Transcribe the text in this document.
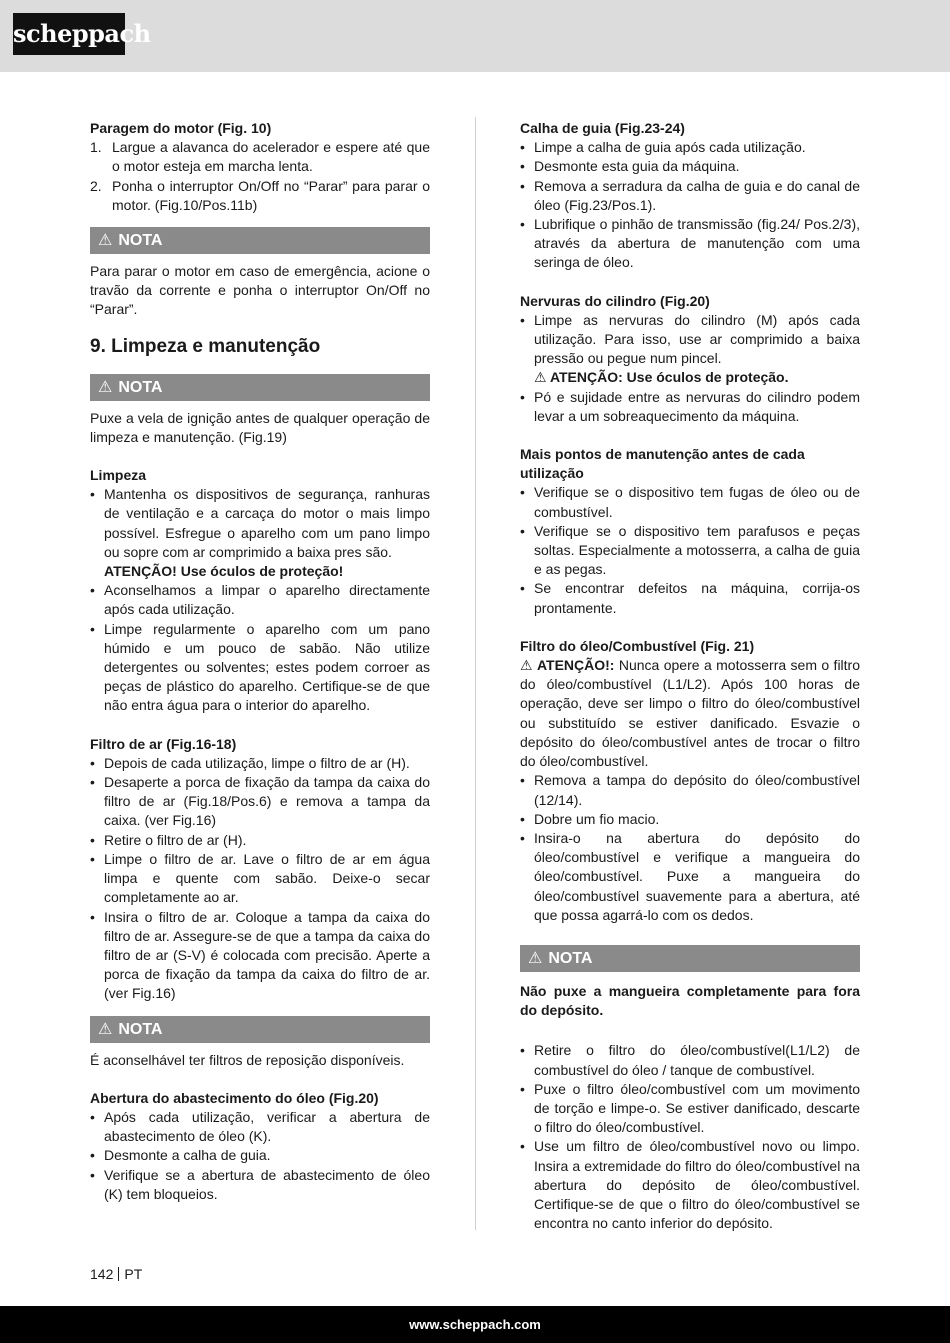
scheppach
Paragem do motor (Fig. 10)
1. Largue a alavanca do acelerador e espere até que o motor esteja em marcha lenta.
2. Ponha o interruptor On/Off no “Parar” para parar o motor. (Fig.10/Pos.11b)
⚠ NOTA

Para parar o motor em caso de emergência, acione o travão da corrente e ponha o interruptor On/Off no “Parar”.

9. Limpeza e manutenção
⚠ NOTA

Puxe a vela de ignição antes de qualquer operação de limpeza e manutenção. (Fig.19)

Limpeza
• Mantenha os dispositivos de segurança, ranhuras de ventilação e a carcaça do motor o mais limpo possível. Esfregue o aparelho com um pano limpo ou sopre com ar comprimido a baixa pres são.
ATENÇÃO! Use óculos de proteção!
• Aconselhamos a limpar o aparelho directamente após cada utilização.
• Limpe regularmente o aparelho com um pano húmido e um pouco de sabão. Não utilize detergentes ou solventes; estes podem corroer as peças de plástico do aparelho. Certifique-se de que não entra água para o interior do aparelho.
Filtro de ar (Fig.16-18)
• Depois de cada utilização, limpe o filtro de ar (H).
• Desaperte a porca de fixação da tampa da caixa do filtro de ar (Fig.18/Pos.6) e remova a tampa da caixa. (ver Fig.16)
• Retire o filtro de ar (H).
• Limpe o filtro de ar. Lave o filtro de ar em água limpa e quente com sabão. Deixe-o secar completamente ao ar.
• Insira o filtro de ar. Coloque a tampa da caixa do filtro de ar. Assegure-se de que a tampa da caixa do filtro de ar (S-V) é colocada com precisão. Aperte a porca de fixação da tampa da caixa do filtro de ar. (ver Fig.16)
⚠ NOTA

É aconselhável ter filtros de reposição disponíveis.

Abertura do abastecimento do óleo (Fig.20)
• Após cada utilização, verificar a abertura de abastecimento de óleo (K).
• Desmonte a calha de guia.
• Verifique se a abertura de abastecimento de óleo (K) tem bloqueios.
Calha de guia (Fig.23-24)
• Limpe a calha de guia após cada utilização.
• Desmonte esta guia da máquina.
• Remova a serradura da calha de guia e do canal de óleo (Fig.23/Pos.1).
• Lubrifique o pinhão de transmissão (fig.24/ Pos.2/3), através da abertura de manutenção com uma seringa de óleo.
Nervuras do cilindro (Fig.20)
• Limpe as nervuras do cilindro (M) após cada utilização. Para isso, use ar comprimido a baixa pressão ou pegue num pincel.
⚠ ATENÇÃO: Use óculos de proteção.
• Pó e sujidade entre as nervuras do cilindro podem levar a um sobreaquecimento da máquina.
Mais pontos de manutenção antes de cada utilização
• Verifique se o dispositivo tem fugas de óleo ou de combustível.
• Verifique se o dispositivo tem parafusos e peças soltas. Especialmente a motosserra, a calha de guia e as pegas.
• Se encontrar defeitos na máquina, corrija-os prontamente.
Filtro do óleo/Combustível (Fig. 21)

⚠ ATENÇÃO!: Nunca opere a motosserra sem o filtro do óleo/combustível (L1/L2). Após 100 horas de operação, deve ser limpo o filtro do óleo/combustível ou substituído se estiver danificado. Esvazie o depósito do óleo/combustível antes de trocar o filtro do óleo/combustível.

• Remova a tampa do depósito do óleo/combustível (12/14).
• Dobre um fio macio.
• Insira-o na abertura do depósito do óleo/combustível e verifique a mangueira do óleo/combustível. Puxe a mangueira do óleo/combustível suavemente para a abertura, até que possa agarrá-lo com os dedos.
⚠ NOTA

Não puxe a mangueira completamente para fora do depósito.

• Retire o filtro do óleo/combustível(L1/L2) de combustível do óleo / tanque de combustível.
• Puxe o filtro óleo/combustível com um movimento de torção e limpe-o. Se estiver danificado, descarte o filtro do óleo/combustível.
• Use um filtro de óleo/combustível novo ou limpo. Insira a extremidade do filtro do óleo/combustível na abertura do depósito de óleo/combustível. Certifique-se de que o filtro do óleo/combustível se encontra no canto inferior do depósito.
142 PT
www.scheppach.com
